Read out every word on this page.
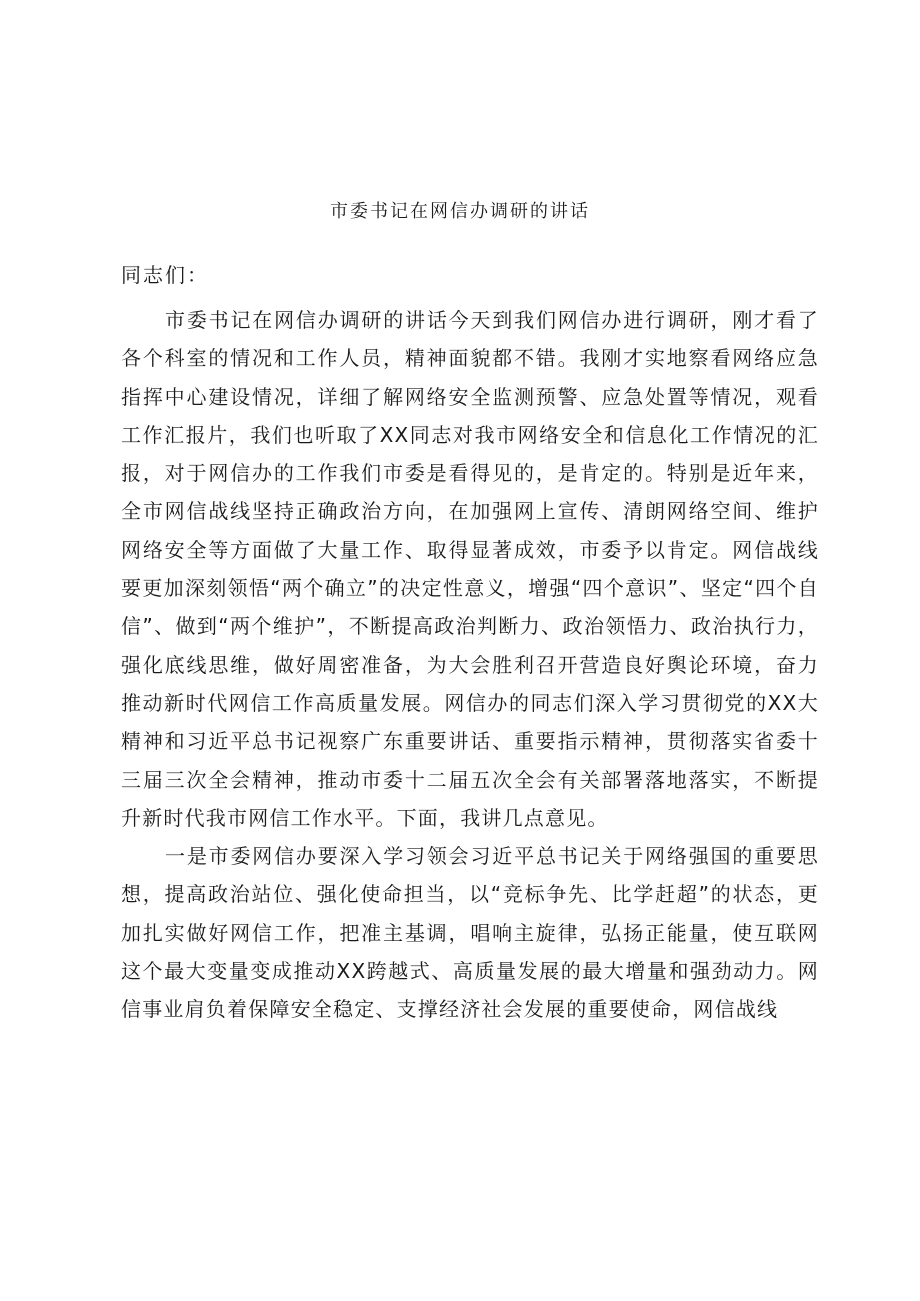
市委书记在网信办调研的讲话

同志们：

市委书记在网信办调研的讲话今天到我们网信办进行调研，刚才看了各个科室的情况和工作人员，精神面貌都不错。我刚才实地察看网络应急指挥中心建设情况，详细了解网络安全监测预警、应急处置等情况，观看工作汇报片，我们也听取了XX同志对我市网络安全和信息化工作情况的汇报，对于网信办的工作我们市委是看得见的，是肯定的。特别是近年来，全市网信战线坚持正确政治方向，在加强网上宣传、清朗网络空间、维护网络安全等方面做了大量工作、取得显著成效，市委予以肯定。网信战线要更加深刻领悟“两个确立”的决定性意义，增强“四个意识”、坚定“四个自信”、做到“两个维护”，不断提高政治判断力、政治领悟力、政治执行力，强化底线思维，做好周密准备，为大会胜利召开营造良好舆论环境，奋力推动新时代网信工作高质量发展。网信办的同志们深入学习贯彻党的XX大精神和习近平总书记视察广东重要讲话、重要指示精神，贯彻落实省委十三届三次全会精神，推动市委十二届五次全会有关部署落地落实，不断提升新时代我市网信工作水平。下面，我讲几点意见。

一是市委网信办要深入学习领会习近平总书记关于网络强国的重要思想，提高政治站位、强化使命担当，以“竞标争先、比学赶超”的状态，更加扎实做好网信工作，把准主基调，唱响主旋律，弘扬正能量，使互联网这个最大变量变成推动XX跨越式、高质量发展的最大增量和强劲动力。网信事业肩负着保障安全稳定、支撑经济社会发展的重要使命，网信战线
